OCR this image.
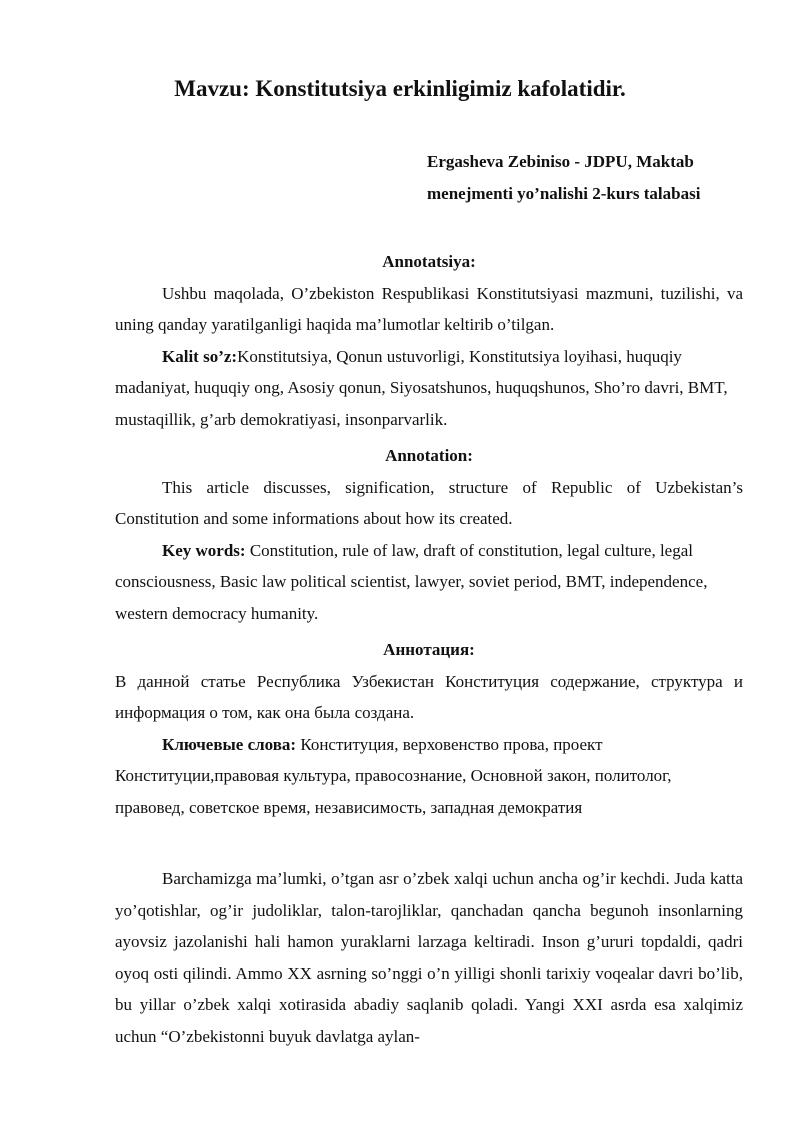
Mavzu: Konstitutsiya erkinligimiz kafolatidir.
Ergasheva Zebiniso - JDPU, Maktab
menejmenti yo’nalishi 2-kurs talabasi

Annotatsiya:

Ushbu maqolada, O’zbekiston Respublikasi Konstitutsiyasi mazmuni, tuzilishi, va uning qanday yaratilganligi haqida ma’lumotlar keltirib o’tilgan.

Kalit so’z:Konstitutsiya, Qonun ustuvorligi, Konstitutsiya loyihasi, huquqiy madaniyat, huquqiy ong, Asosiy qonun, Siyosatshunos, huquqshunos, Sho’ro davri, BMT, mustaqillik, g’arb demokratiyasi, insonparvarlik.

Annotation:

This article discusses, signification, structure of Republic of Uzbekistan’s Constitution and some informations about how its created.

Key words: Constitution, rule of law, draft of constitution, legal culture, legal consciousness, Basic law political scientist, lawyer, soviet period, BMT, independence, western democracy humanity.

Аннотация:

В данной статье Республика Узбекистан Конституция содержание, структура и информация о том, как она была создана.

Ключевые слова: Конституция, верховенство прова, проект Конституции,правовая культура, правосознание, Основной закон, политолог, правовед, советское время, независимость, западная демократия

Barchamizga ma’lumki, o’tgan asr o’zbek xalqi uchun ancha og’ir kechdi. Juda katta yo’qotishlar, og’ir judoliklar, talon-tarojliklar, qanchadan qancha begunoh insonlarning ayovsiz jazolanishi hali hamon yuraklarni larzaga keltiradi. Inson g’ururi topdaldi, qadri oyoq osti qilindi. Ammo XX asrning so’nggi o’n yilligi shonli tarixiy voqealar davri bo’lib, bu yillar o’zbek xalqi xotirasida abadiy saqlanib qoladi. Yangi XXI asrda esa xalqimiz uchun “O’zbekistonni buyuk davlatga aylan-
